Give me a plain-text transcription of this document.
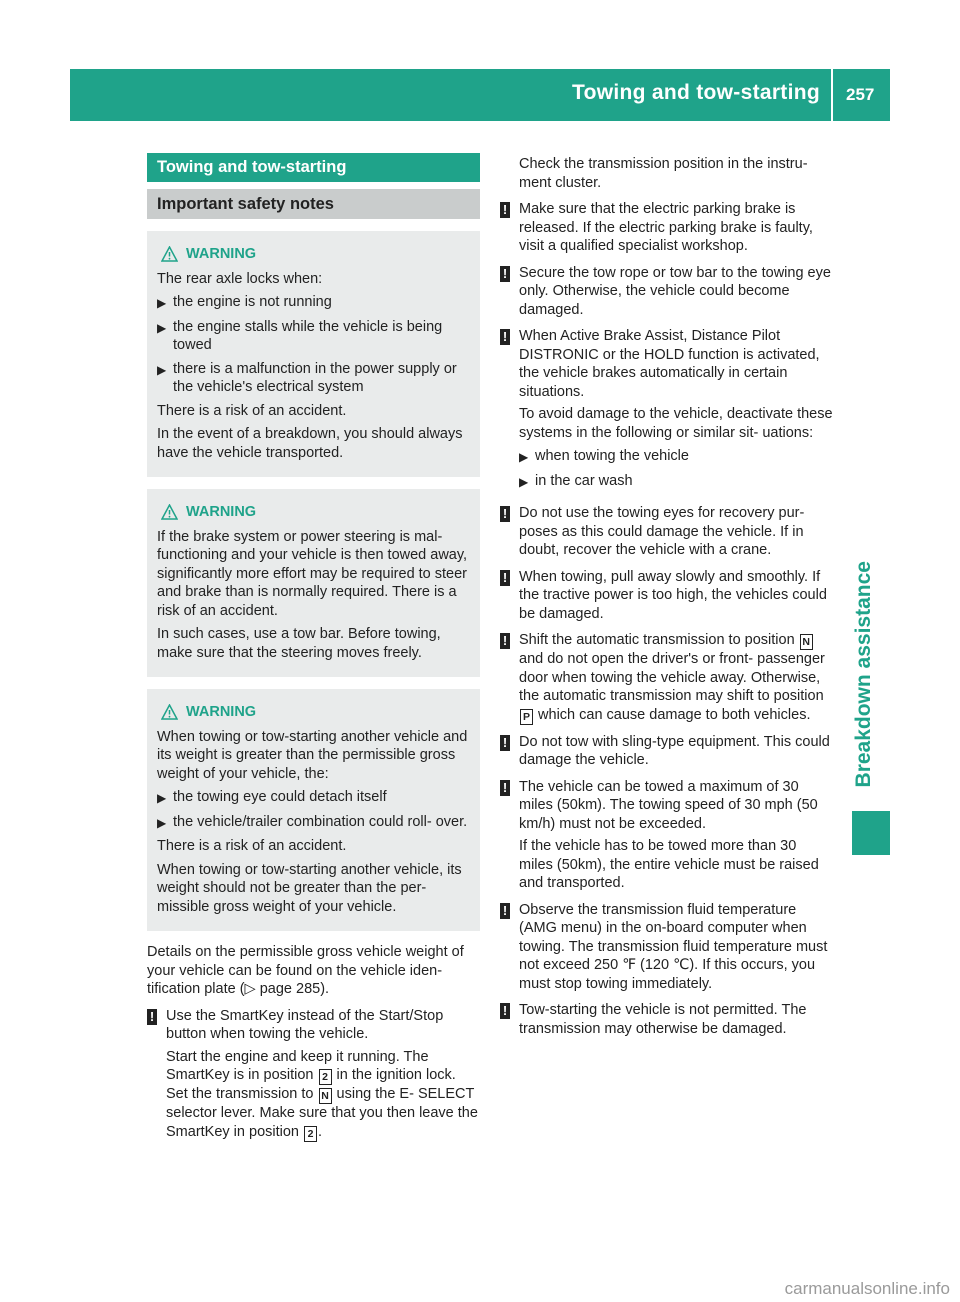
Towing and tow-starting 257
Breakdown assistance
Towing and tow-starting
Important safety notes
WARNING
The rear axle locks when:
▶ the engine is not running
▶ the engine stalls while the vehicle is being towed
▶ there is a malfunction in the power supply or the vehicle's electrical system
There is a risk of an accident.
In the event of a breakdown, you should always have the vehicle transported.
WARNING
If the brake system or power steering is mal- functioning and your vehicle is then towed away, significantly more effort may be required to steer and brake than is normally required. There is a risk of an accident.
In such cases, use a tow bar. Before towing, make sure that the steering moves freely.
WARNING
When towing or tow-starting another vehicle and its weight is greater than the permissible gross weight of your vehicle, the:
▶ the towing eye could detach itself
▶ the vehicle/trailer combination could roll- over.
There is a risk of an accident.
When towing or tow-starting another vehicle, its weight should not be greater than the per- missible gross weight of your vehicle.
Details on the permissible gross vehicle weight of your vehicle can be found on the vehicle iden- tification plate (▷ page 285).
! Use the SmartKey instead of the Start/Stop button when towing the vehicle.
Start the engine and keep it running. The SmartKey is in position 2 in the ignition lock. Set the transmission to N using the E- SELECT selector lever. Make sure that you then leave the SmartKey in position 2 .
Check the transmission position in the instru- ment cluster.
! Make sure that the electric parking brake is released. If the electric parking brake is faulty, visit a qualified specialist workshop.
! Secure the tow rope or tow bar to the towing eye only. Otherwise, the vehicle could become damaged.
! When Active Brake Assist, Distance Pilot DISTRONIC or the HOLD function is activated, the vehicle brakes automatically in certain situations.
To avoid damage to the vehicle, deactivate these systems in the following or similar sit- uations:
▶ when towing the vehicle
▶ in the car wash
! Do not use the towing eyes for recovery pur- poses as this could damage the vehicle. If in doubt, recover the vehicle with a crane.
! When towing, pull away slowly and smoothly. If the tractive power is too high, the vehicles could be damaged.
! Shift the automatic transmission to position N and do not open the driver's or front- passenger door when towing the vehicle away. Otherwise, the automatic transmission may shift to position P which can cause damage to both vehicles.
! Do not tow with sling-type equipment. This could damage the vehicle.
! The vehicle can be towed a maximum of 30 miles (50km). The towing speed of 30 mph (50 km/h) must not be exceeded.
If the vehicle has to be towed more than 30 miles (50km), the entire vehicle must be raised and transported.
! Observe the transmission fluid temperature (AMG menu) in the on-board computer when towing. The transmission fluid temperature must not exceed 250 ℉ (120 ℃). If this occurs, you must stop towing immediately.
! Tow-starting the vehicle is not permitted. The transmission may otherwise be damaged.
carmanualsonline.info
